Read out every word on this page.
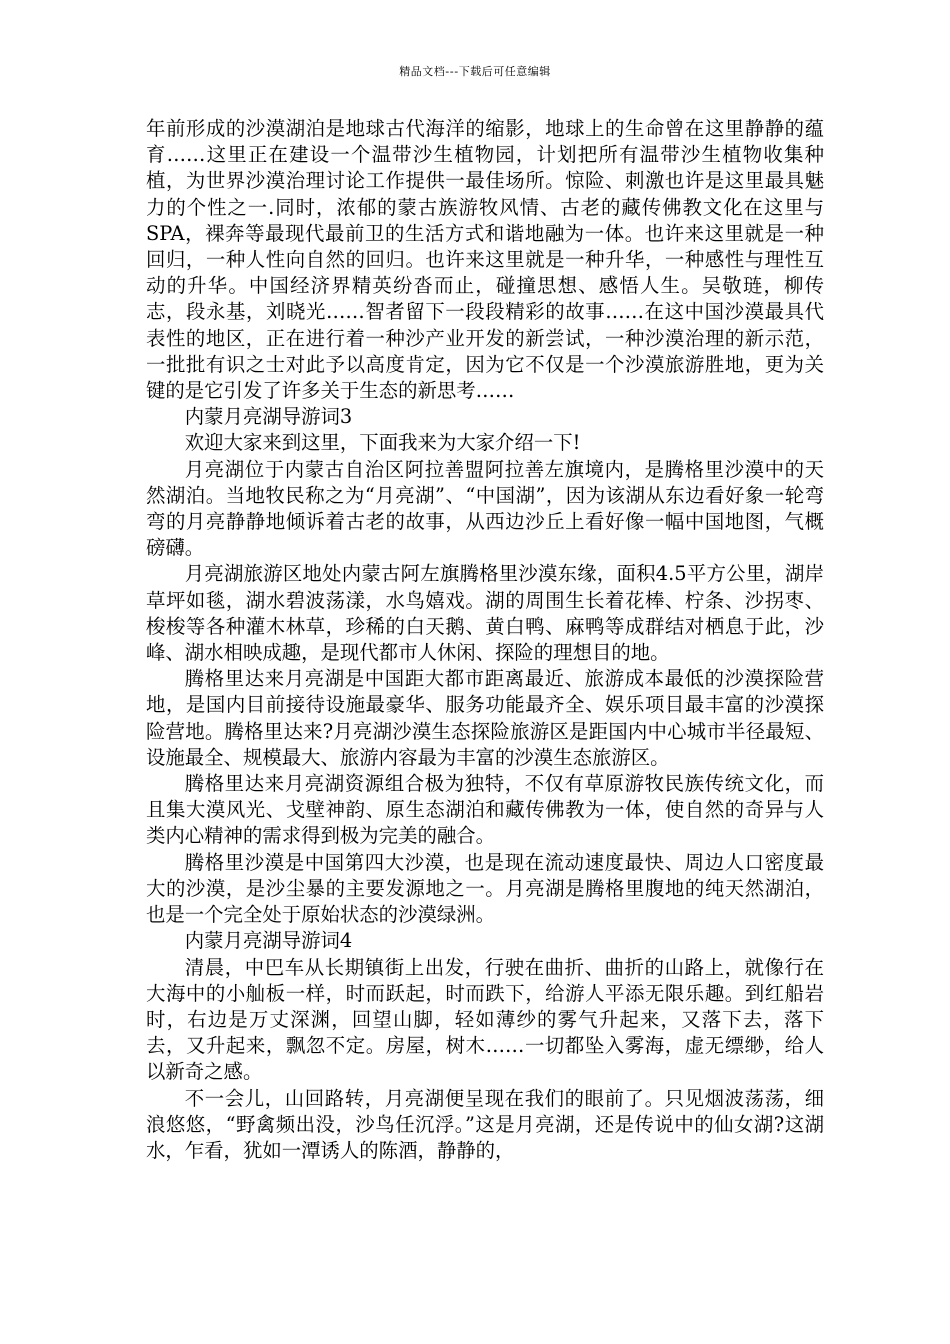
精品文档---下载后可任意编辑

年前形成的沙漠湖泊是地球古代海洋的缩影，地球上的生命曾在这里静静的蕴育……这里正在建设一个温带沙生植物园，计划把所有温带沙生植物收集种植，为世界沙漠治理讨论工作提供一最佳场所。惊险、刺激也许是这里最具魅力的个性之一.同时，浓郁的蒙古族游牧风情、古老的藏传佛教文化在这里与SPA，裸奔等最现代最前卫的生活方式和谐地融为一体。也许来这里就是一种回归，一种人性向自然的回归。也许来这里就是一种升华，一种感性与理性互动的升华。中国经济界精英纷沓而止，碰撞思想、感悟人生。吴敬琏，柳传志，段永基，刘晓光……智者留下一段段精彩的故事……在这中国沙漠最具代表性的地区，正在进行着一种沙产业开发的新尝试，一种沙漠治理的新示范，一批批有识之士对此予以高度肯定，因为它不仅是一个沙漠旅游胜地，更为关键的是它引发了许多关于生态的新思考……

内蒙月亮湖导游词3

欢迎大家来到这里，下面我来为大家介绍一下!

月亮湖位于内蒙古自治区阿拉善盟阿拉善左旗境内，是腾格里沙漠中的天然湖泊。当地牧民称之为“月亮湖”、“中国湖”，因为该湖从东边看好象一轮弯弯的月亮静静地倾诉着古老的故事，从西边沙丘上看好像一幅中国地图，气概磅礴。

月亮湖旅游区地处内蒙古阿左旗腾格里沙漠东缘，面积4.5平方公里，湖岸草坪如毯，湖水碧波荡漾，水鸟嬉戏。湖的周围生长着花棒、柠条、沙拐枣、梭梭等各种灌木林草，珍稀的白天鹅、黄白鸭、麻鸭等成群结对栖息于此，沙峰、湖水相映成趣，是现代都市人休闲、探险的理想目的地。

腾格里达来月亮湖是中国距大都市距离最近、旅游成本最低的沙漠探险营地，是国内目前接待设施最豪华、服务功能最齐全、娱乐项目最丰富的沙漠探险营地。腾格里达来?月亮湖沙漠生态探险旅游区是距国内中心城市半径最短、设施最全、规模最大、旅游内容最为丰富的沙漠生态旅游区。

腾格里达来月亮湖资源组合极为独特，不仅有草原游牧民族传统文化，而且集大漠风光、戈壁神韵、原生态湖泊和藏传佛教为一体，使自然的奇异与人类内心精神的需求得到极为完美的融合。

腾格里沙漠是中国第四大沙漠，也是现在流动速度最快、周边人口密度最大的沙漠，是沙尘暴的主要发源地之一。月亮湖是腾格里腹地的纯天然湖泊，也是一个完全处于原始状态的沙漠绿洲。

内蒙月亮湖导游词4

清晨，中巴车从长期镇街上出发，行驶在曲折、曲折的山路上，就像行在大海中的小舢板一样，时而跃起，时而跌下，给游人平添无限乐趣。到红船岩时，右边是万丈深渊，回望山脚，轻如薄纱的雾气升起来，又落下去，落下去，又升起来，飘忽不定。房屋，树木……一切都坠入雾海，虚无缥缈，给人以新奇之感。

不一会儿，山回路转，月亮湖便呈现在我们的眼前了。只见烟波荡荡，细浪悠悠，“野禽频出没，沙鸟任沉浮。”这是月亮湖，还是传说中的仙女湖?这湖水，乍看，犹如一潭诱人的陈酒，静静的，
